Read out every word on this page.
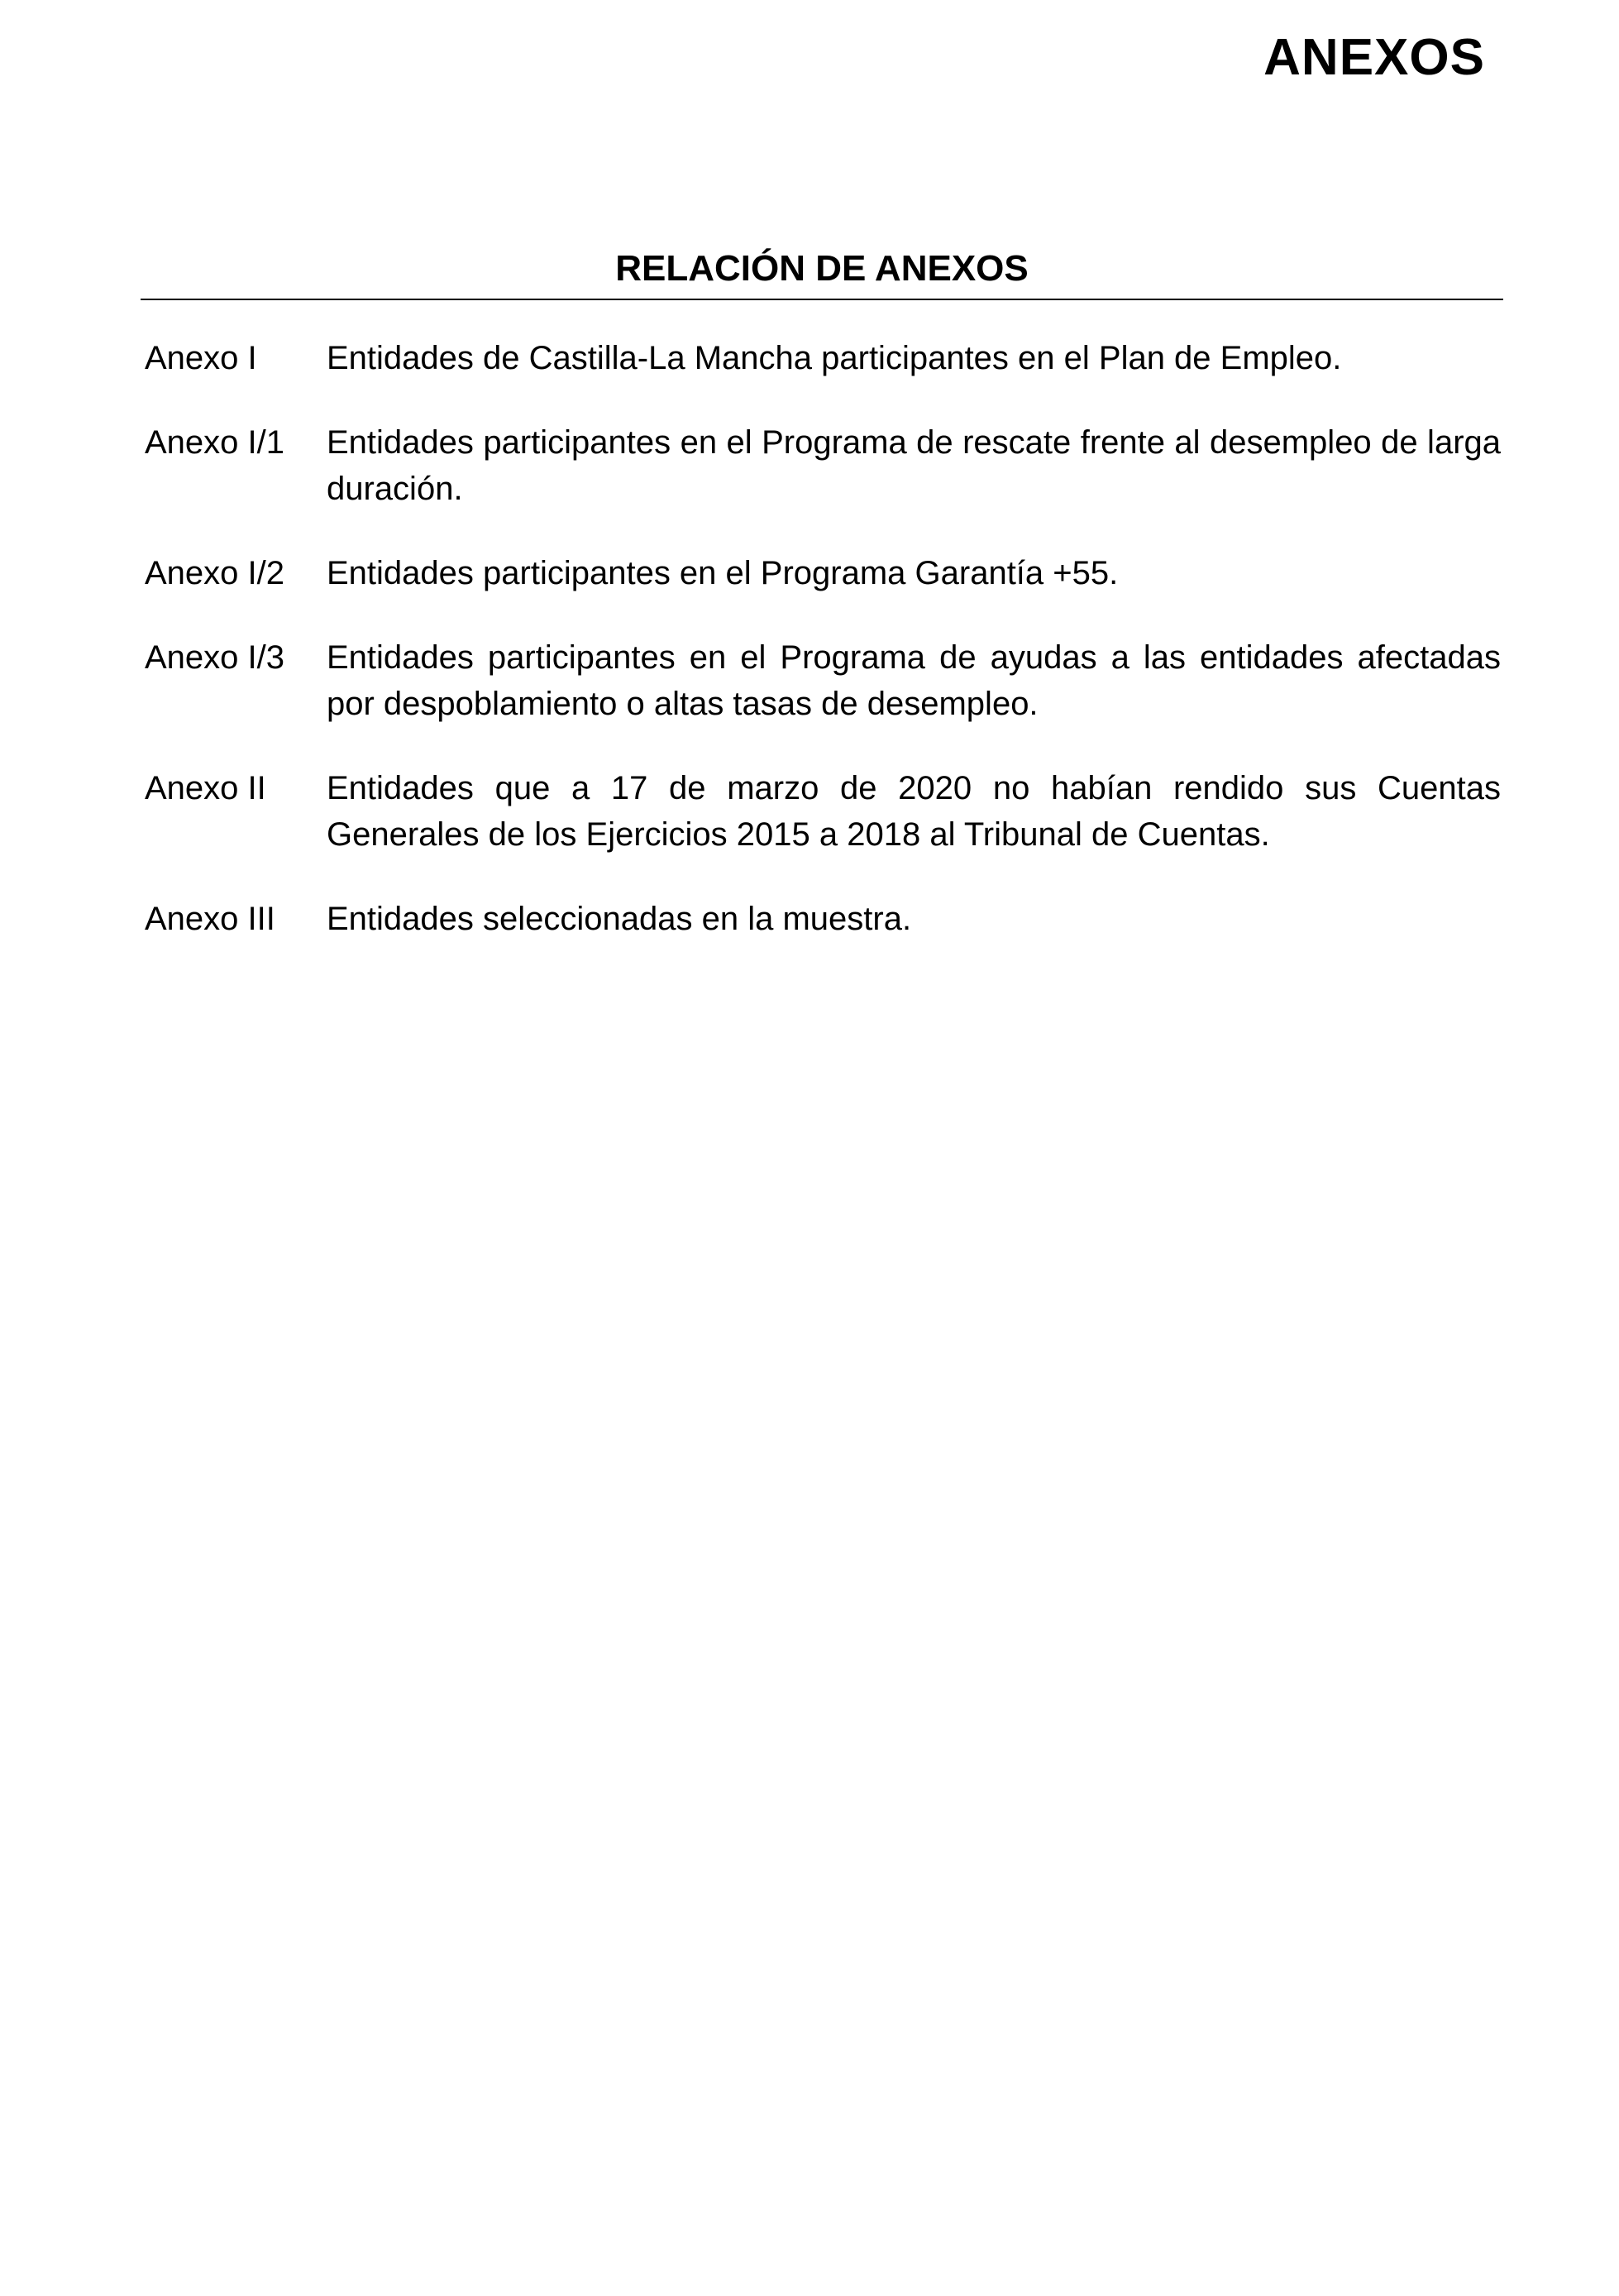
ANEXOS
RELACIÓN DE ANEXOS
Anexo I	Entidades de Castilla-La Mancha participantes en el Plan de Empleo.
Anexo I/1	Entidades participantes en el Programa de rescate frente al desempleo de larga duración.
Anexo I/2	Entidades participantes en el Programa Garantía +55.
Anexo I/3	Entidades participantes en el Programa de ayudas a las entidades afectadas por despoblamiento o altas tasas de desempleo.
Anexo II	Entidades que a 17 de marzo de 2020 no habían rendido sus Cuentas Generales de los Ejercicios 2015 a 2018 al Tribunal de Cuentas.
Anexo III	Entidades seleccionadas en la muestra.
